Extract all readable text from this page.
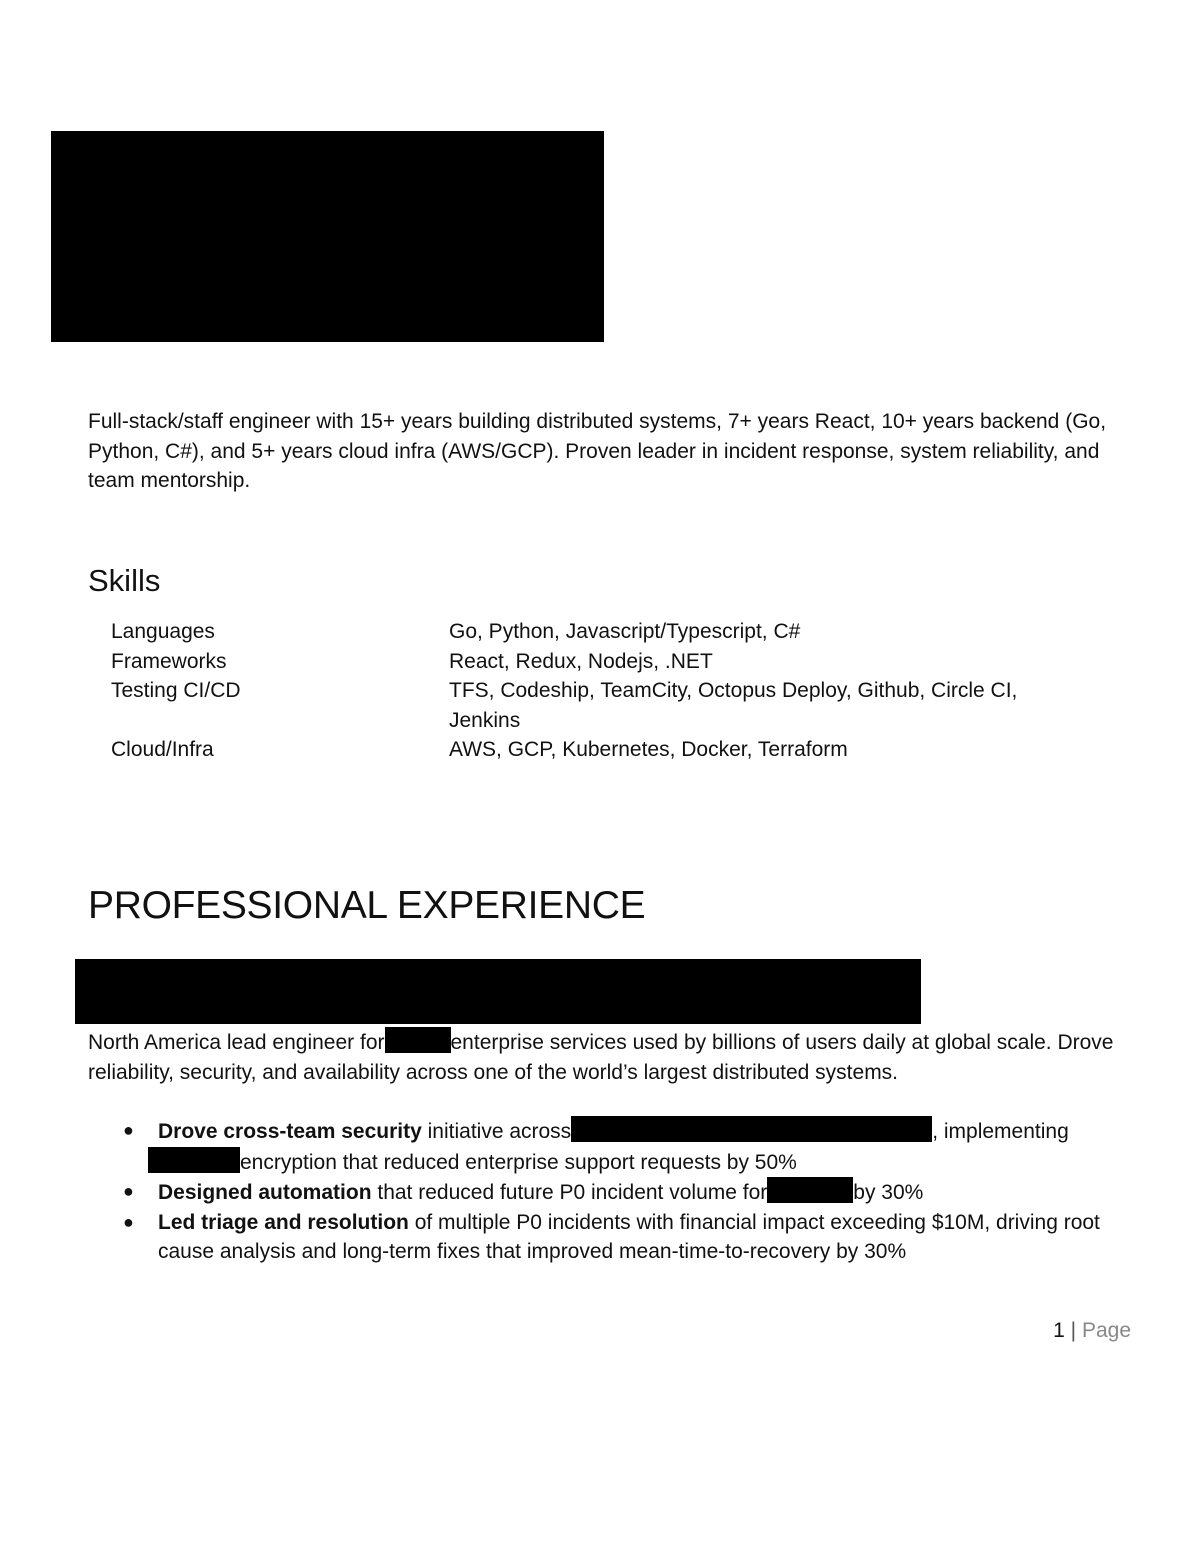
Full-stack/staff engineer with 15+ years building distributed systems, 7+ years React, 10+ years backend (Go, Python, C#), and 5+ years cloud infra (AWS/GCP). Proven leader in incident response, system reliability, and team mentorship.

Skills
Languages	Go, Python, Javascript/Typescript, C#
Frameworks	React, Redux, Nodejs, .NET
Testing CI/CD	TFS, Codeship, TeamCity, Octopus Deploy, Github, Circle CI, Jenkins
Cloud/Infra	AWS, GCP, Kubernetes, Docker, Terraform
PROFESSIONAL EXPERIENCE

North America lead engineer for	enterprise services used by billions of users daily at global scale. Drove reliability, security, and availability across one of the world’s largest distributed systems.

● Drove cross-team security initiative across	, implementing
encryption that reduced enterprise support requests by 50%
● Designed automation that reduced future P0 incident volume for	by 30%
● Led triage and resolution of multiple P0 incidents with financial impact exceeding $10M, driving root cause analysis and long-term fixes that improved mean-time-to-recovery by 30%
1 | Page
